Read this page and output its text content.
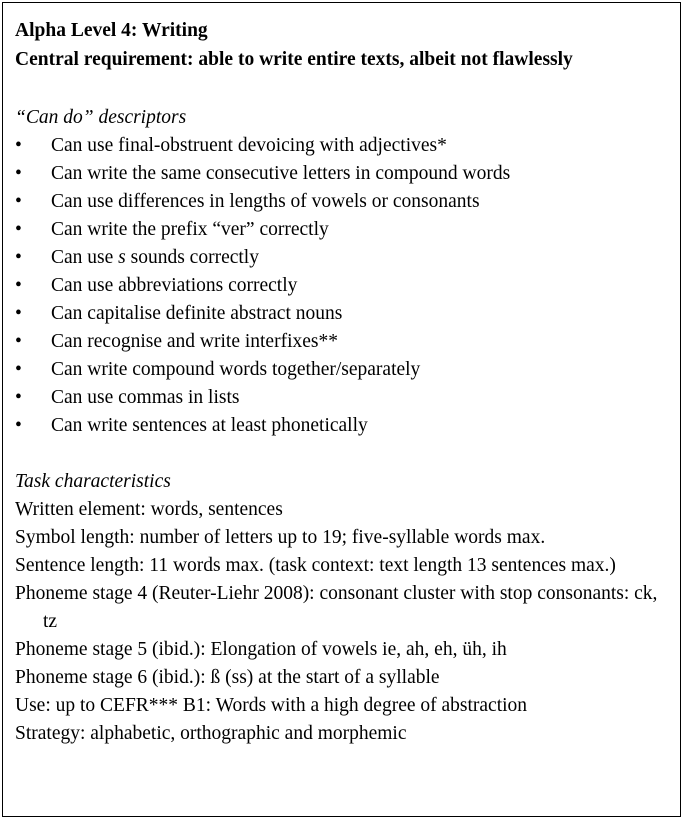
Alpha Level 4: Writing

Central requirement: able to write entire texts, albeit not flawlessly

“Can do” descriptors

• Can use final-obstruent devoicing with adjectives*
• Can write the same consecutive letters in compound words
• Can use differences in lengths of vowels or consonants
• Can write the prefix “ver” correctly
• Can use s sounds correctly
• Can use abbreviations correctly
• Can capitalise definite abstract nouns
• Can recognise and write interfixes**
• Can write compound words together/separately
• Can use commas in lists
• Can write sentences at least phonetically

Task characteristics

Written element: words, sentences

Symbol length: number of letters up to 19; five-syllable words max.

Sentence length: 11 words max. (task context: text length 13 sentences max.)

Phoneme stage 4 (Reuter-Liehr 2008): consonant cluster with stop consonants: ck, tz

Phoneme stage 5 (ibid.): Elongation of vowels ie, ah, eh, üh, ih

Phoneme stage 6 (ibid.): ß (ss) at the start of a syllable

Use: up to CEFR*** B1: Words with a high degree of abstraction

Strategy: alphabetic, orthographic and morphemic
